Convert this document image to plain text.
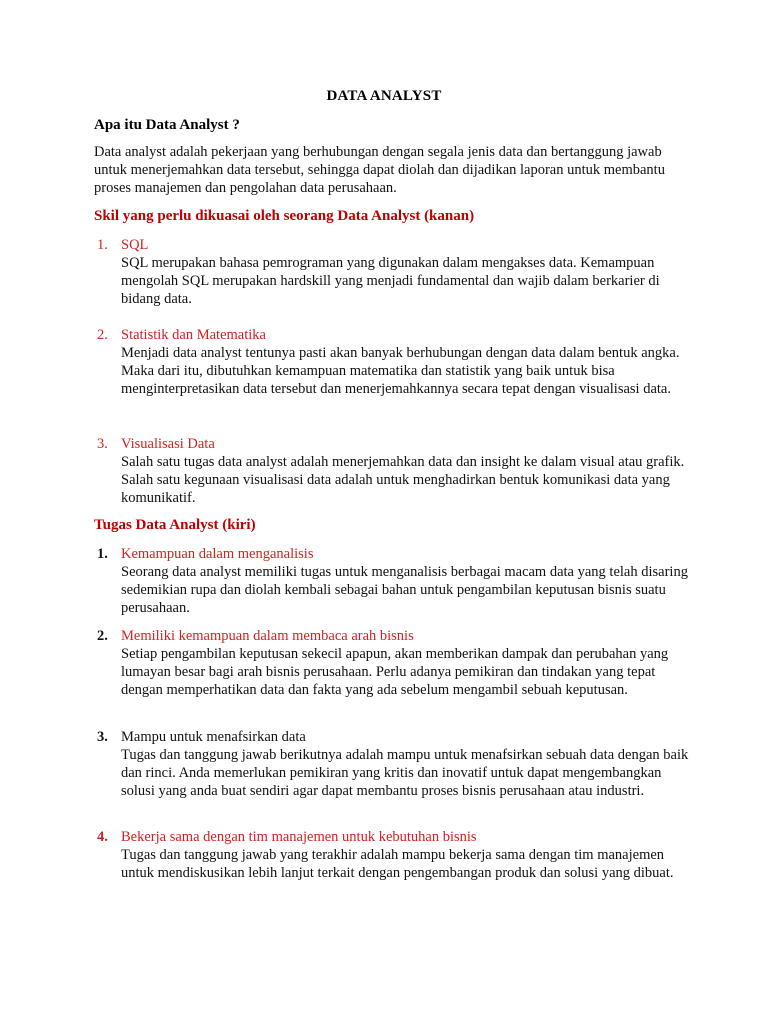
DATA ANALYST
Apa itu Data Analyst ?
Data analyst adalah pekerjaan yang berhubungan dengan segala jenis data dan bertanggung jawab untuk menerjemahkan data tersebut, sehingga dapat diolah dan dijadikan laporan untuk membantu proses manajemen dan pengolahan data perusahaan.
Skil yang perlu dikuasai oleh seorang Data Analyst (kanan)
1. SQL
SQL merupakan bahasa pemrograman yang digunakan dalam mengakses data. Kemampuan mengolah SQL merupakan hardskill yang menjadi fundamental dan wajib dalam berkarier di bidang data.
2. Statistik dan Matematika
Menjadi data analyst tentunya pasti akan banyak berhubungan dengan data dalam bentuk angka. Maka dari itu, dibutuhkan kemampuan matematika dan statistik yang baik untuk bisa menginterpretasikan data tersebut dan menerjemahkannya secara tepat dengan visualisasi data.
3. Visualisasi Data
Salah satu tugas data analyst adalah menerjemahkan data dan insight ke dalam visual atau grafik. Salah satu kegunaan visualisasi data adalah untuk menghadirkan bentuk komunikasi data yang komunikatif.
Tugas Data Analyst (kiri)
1. Kemampuan dalam menganalisis
Seorang data analyst memiliki tugas untuk menganalisis berbagai macam data yang telah disaring sedemikian rupa dan diolah kembali sebagai bahan untuk pengambilan keputusan bisnis suatu perusahaan.
2. Memiliki kemampuan dalam membaca arah bisnis
Setiap pengambilan keputusan sekecil apapun, akan memberikan dampak dan perubahan yang lumayan besar bagi arah bisnis perusahaan. Perlu adanya pemikiran dan tindakan yang tepat dengan memperhatikan data dan fakta yang ada sebelum mengambil sebuah keputusan.
3. Mampu untuk menafsirkan data
Tugas dan tanggung jawab berikutnya adalah mampu untuk menafsirkan sebuah data dengan baik dan rinci. Anda memerlukan pemikiran yang kritis dan inovatif untuk dapat mengembangkan solusi yang anda buat sendiri agar dapat membantu proses bisnis perusahaan atau industri.
4. Bekerja sama dengan tim manajemen untuk kebutuhan bisnis
Tugas dan tanggung jawab yang terakhir adalah mampu bekerja sama dengan tim manajemen untuk mendiskusikan lebih lanjut terkait dengan pengembangan produk dan solusi yang dibuat.
